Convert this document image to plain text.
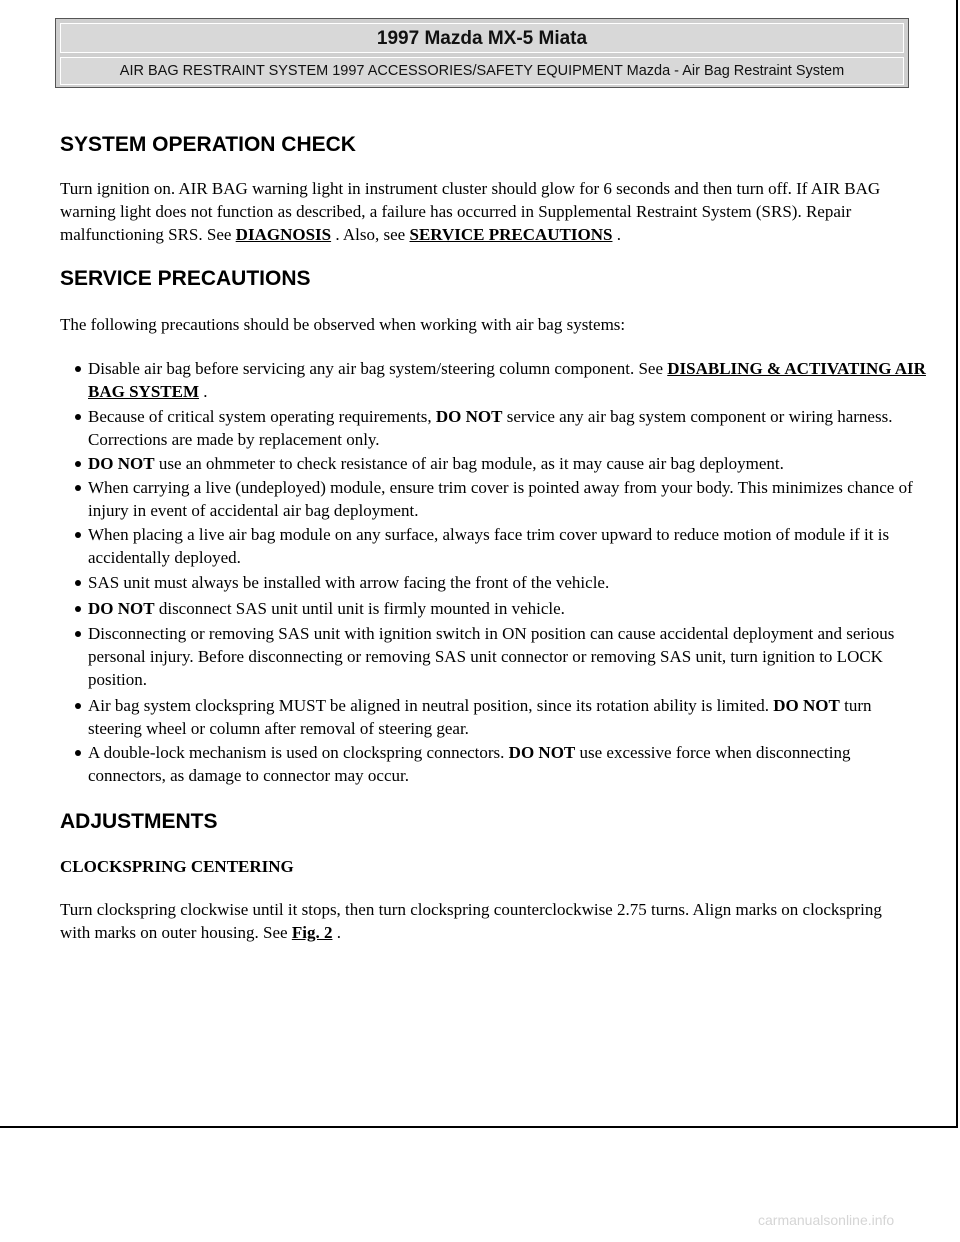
1997 Mazda MX-5 Miata
AIR BAG RESTRAINT SYSTEM 1997 ACCESSORIES/SAFETY EQUIPMENT Mazda - Air Bag Restraint System
SYSTEM OPERATION CHECK

Turn ignition on. AIR BAG warning light in instrument cluster should glow for 6 seconds and then turn off. If AIR BAG warning light does not function as described, a failure has occurred in Supplemental Restraint System (SRS). Repair malfunctioning SRS. See DIAGNOSIS . Also, see SERVICE PRECAUTIONS .

SERVICE PRECAUTIONS

The following precautions should be observed when working with air bag systems:

Disable air bag before servicing any air bag system/steering column component. See DISABLING & ACTIVATING AIR BAG SYSTEM .
Because of critical system operating requirements, DO NOT service any air bag system component or wiring harness. Corrections are made by replacement only.
DO NOT use an ohmmeter to check resistance of air bag module, as it may cause air bag deployment.
When carrying a live (undeployed) module, ensure trim cover is pointed away from your body. This minimizes chance of injury in event of accidental air bag deployment.
When placing a live air bag module on any surface, always face trim cover upward to reduce motion of module if it is accidentally deployed.
SAS unit must always be installed with arrow facing the front of the vehicle.
DO NOT disconnect SAS unit until unit is firmly mounted in vehicle.
Disconnecting or removing SAS unit with ignition switch in ON position can cause accidental deployment and serious personal injury. Before disconnecting or removing SAS unit connector or removing SAS unit, turn ignition to LOCK position.
Air bag system clockspring MUST be aligned in neutral position, since its rotation ability is limited. DO NOT turn steering wheel or column after removal of steering gear.
A double-lock mechanism is used on clockspring connectors. DO NOT use excessive force when disconnecting connectors, as damage to connector may occur.
ADJUSTMENTS
CLOCKSPRING CENTERING

Turn clockspring clockwise until it stops, then turn clockspring counterclockwise 2.75 turns. Align marks on clockspring with marks on outer housing. See Fig. 2 .

carmanualsonline.info
